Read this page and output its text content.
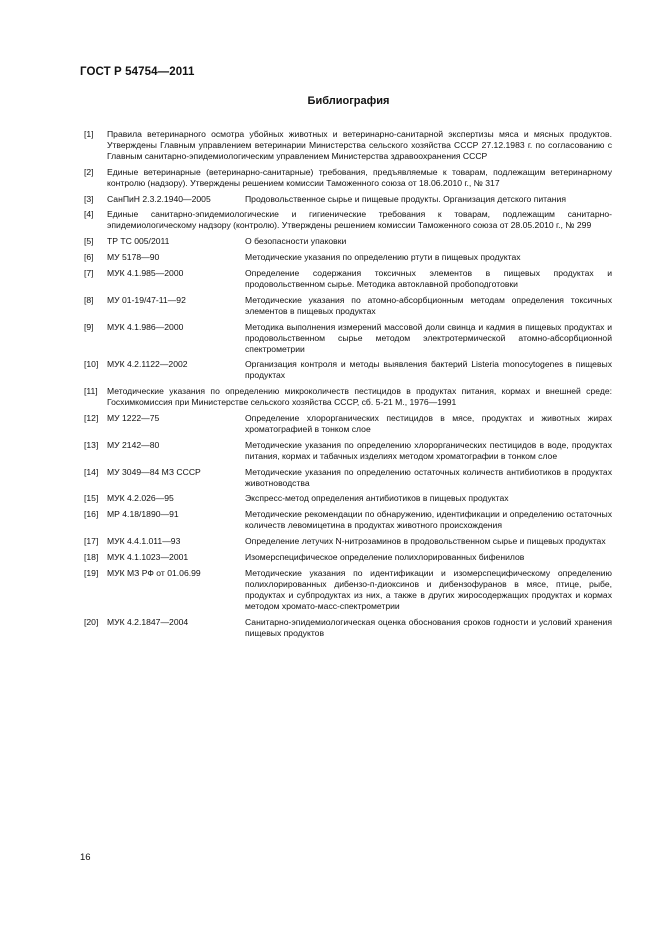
ГОСТ Р 54754—2011
Библиография
[1]	Правила ветеринарного осмотра убойных животных и ветеринарно-санитарной экспертизы мяса и мясных продуктов. Утверждены Главным управлением ветеринарии Министерства сельского хозяйства СССР 27.12.1983 г. по согласованию с Главным санитарно-эпидемиологическим управлением Министерства здравоохранения СССР
[2]	Единые ветеринарные (ветеринарно-санитарные) требования, предъявляемые к товарам, подлежащим ветеринарному контролю (надзору). Утверждены решением комиссии Таможенного союза от 18.06.2010 г., № 317
[3]	СанПиН 2.3.2.1940—2005	Продовольственное сырье и пищевые продукты. Организация детского питания
[4]	Единые санитарно-эпидемиологические и гигиенические требования к товарам, подлежащим санитарно-эпидемиологическому надзору (контролю). Утверждены решением комиссии Таможенного союза от 28.05.2010 г., № 299
[5]	ТР ТС 005/2011	О безопасности упаковки
[6]	МУ 5178—90	Методические указания по определению ртути в пищевых продуктах
[7]	МУК 4.1.985—2000	Определение содержания токсичных элементов в пищевых продуктах и продовольственном сырье. Методика автоклавной пробоподготовки
[8]	МУ 01-19/47-11—92	Методические указания по атомно-абсорбционным методам определения токсичных элементов в пищевых продуктах
[9]	МУК 4.1.986—2000	Методика выполнения измерений массовой доли свинца и кадмия в пищевых продуктах и продовольственном сырье методом электротермической атомно-абсорбционной спектрометрии
[10]	МУК 4.2.1122—2002	Организация контроля и методы выявления бактерий Listeria monocytogenes в пищевых продуктах
[11]	Методические указания по определению микроколичеств пестицидов в продуктах питания, кормах и внешней среде: Госхимкомиссия при Министерстве сельского хозяйства СССР, сб. 5-21 М., 1976—1991
[12]	МУ 1222—75	Определение хлорорганических пестицидов в мясе, продуктах и животных жирах хроматографией в тонком слое
[13]	МУ 2142—80	Методические указания по определению хлорорганических пестицидов в воде, продуктах питания, кормах и табачных изделиях методом хроматографии в тонком слое
[14]	МУ 3049—84 МЗ СССР	Методические указания по определению остаточных количеств антибиотиков в продуктах животноводства
[15]	МУК 4.2.026—95	Экспресс-метод определения антибиотиков в пищевых продуктах
[16]	МР 4.18/1890—91	Методические рекомендации по обнаружению, идентификации и определению остаточных количеств левомицетина в продуктах животного происхождения
[17]	МУК 4.4.1.011—93	Определение летучих N-нитрозаминов в продовольственном сырье и пищевых продуктах
[18]	МУК 4.1.1023—2001	Изомерспецифическое определение полихлорированных бифенилов
[19]	МУК МЗ РФ от 01.06.99	Методические указания по идентификации и изомерспецифическому определению полихлорированных дибензо-п-диоксинов и дибензофуранов в мясе, птице, рыбе, продуктах и субпродуктах из них, а также в других жиросодержащих продуктах и кормах методом хромато-масс-спектрометрии
[20]	МУК 4.2.1847—2004	Санитарно-эпидемиологическая оценка обоснования сроков годности и условий хранения пищевых продуктов
16
